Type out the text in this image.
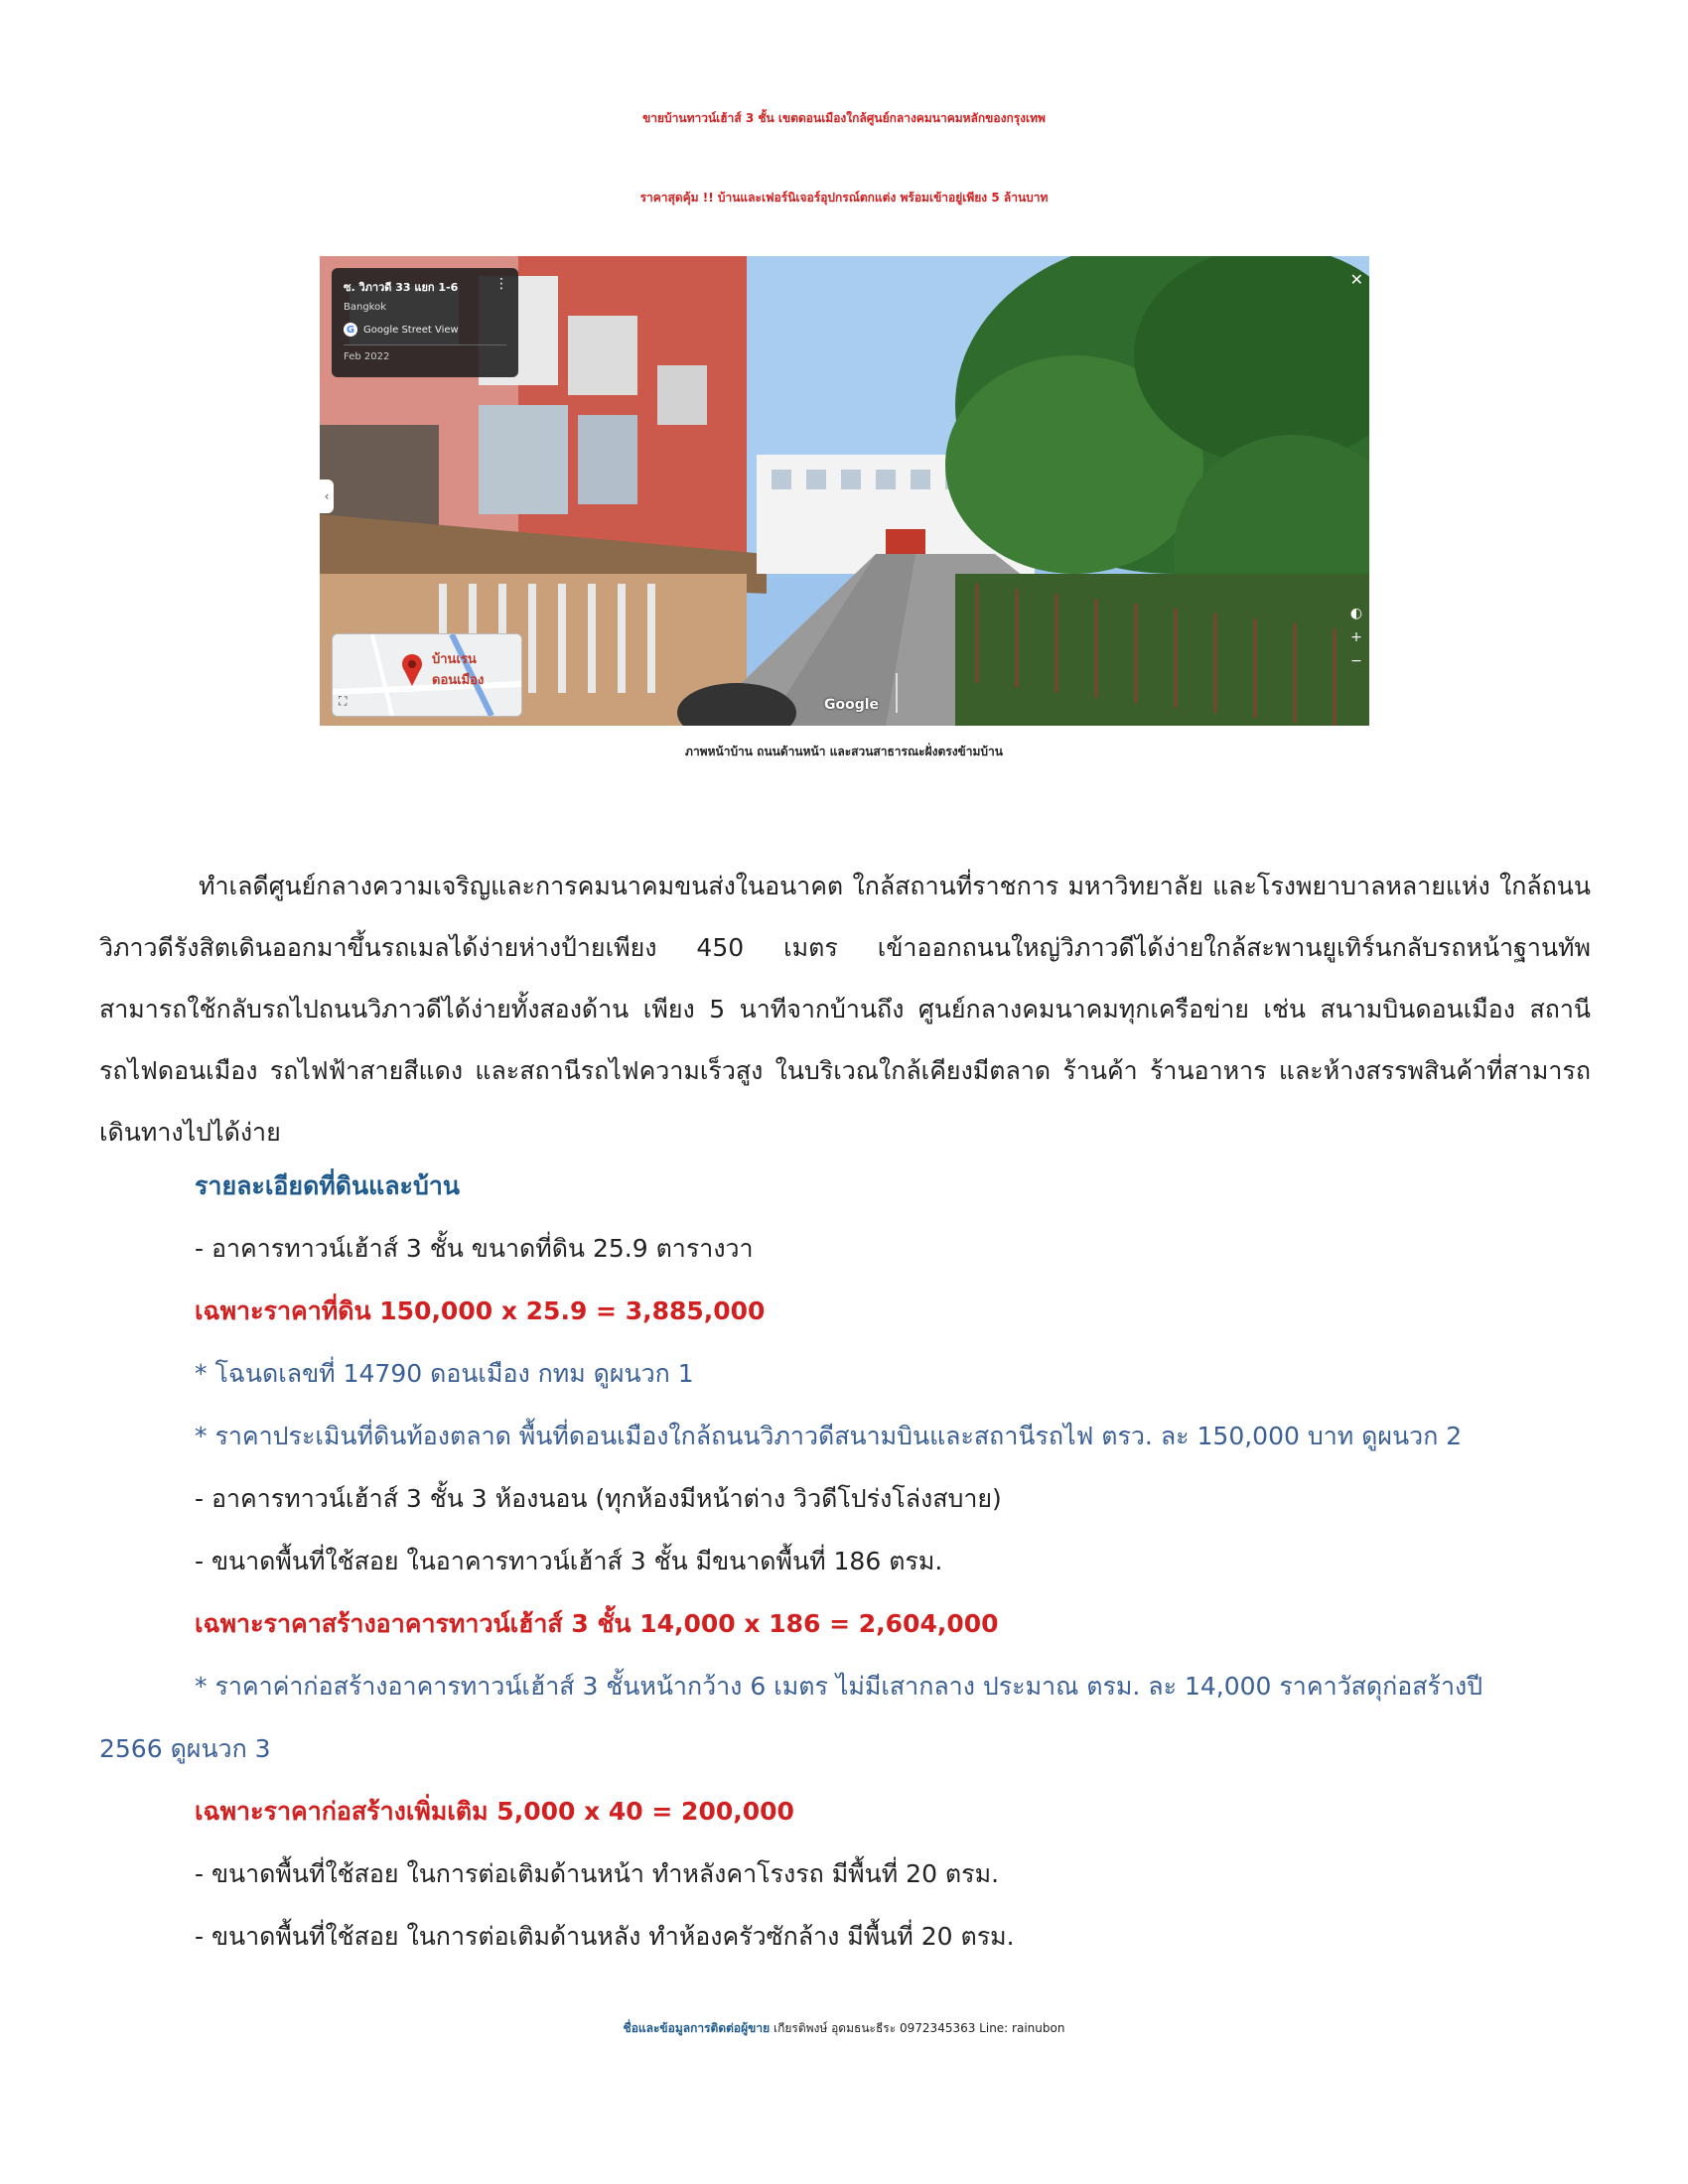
ขายบ้านทาวน์เฮ้าส์ 3 ชั้น เขตดอนเมืองใกล้ศูนย์กลางคมนาคมหลักของกรุงเทพ
ราคาสุดคุ้ม !! บ้านและเฟอร์นิเจอร์อุปกรณ์ตกแต่ง พร้อมเข้าอยู่เพียง 5 ล้านบาท
ซ. วิภาวดี 33 แยก 1-6	⋮
Bangkok
G Google Street View
Feb 2022
✕
‹
บ้านเรน ดอนเมือง
⛶
◐
+
−
Google
ภาพหน้าบ้าน ถนนด้านหน้า และสวนสาธารณะฝั่งตรงข้ามบ้าน
ทำเลดีศูนย์กลางความเจริญและการคมนาคมขนส่งในอนาคต ใกล้สถานที่ราชการ มหาวิทยาลัย และโรงพยาบาลหลายแห่ง ใกล้ถนนวิภาวดีรังสิตเดินออกมาขึ้นรถเมลได้ง่ายห่างป้ายเพียง 450 เมตร เข้าออกถนนใหญ่วิภาวดีได้ง่ายใกล้สะพานยูเทิร์นกลับรถหน้าฐานทัพ สามารถใช้กลับรถไปถนนวิภาวดีได้ง่ายทั้งสองด้าน เพียง 5 นาทีจากบ้านถึง ศูนย์กลางคมนาคมทุกเครือข่าย เช่น สนามบินดอนเมือง สถานีรถไฟดอนเมือง รถไฟฟ้าสายสีแดง และสถานีรถไฟความเร็วสูง ในบริเวณใกล้เคียงมีตลาด ร้านค้า ร้านอาหาร และห้างสรรพสินค้าที่สามารถเดินทางไปได้ง่าย
รายละเอียดที่ดินและบ้าน
- อาคารทาวน์เฮ้าส์ 3 ชั้น ขนาดที่ดิน 25.9 ตารางวา
เฉพาะราคาที่ดิน 150,000 x 25.9 = 3,885,000
* โฉนดเลขที่ 14790 ดอนเมือง กทม ดูผนวก 1
* ราคาประเมินที่ดินท้องตลาด พื้นที่ดอนเมืองใกล้ถนนวิภาวดีสนามบินและสถานีรถไฟ ตรว. ละ 150,000 บาท ดูผนวก 2
- อาคารทาวน์เฮ้าส์ 3 ชั้น 3 ห้องนอน (ทุกห้องมีหน้าต่าง วิวดีโปร่งโล่งสบาย)
- ขนาดพื้นที่ใช้สอย ในอาคารทาวน์เฮ้าส์ 3 ชั้น มีขนาดพื้นที่ 186 ตรม.
เฉพาะราคาสร้างอาคารทาวน์เฮ้าส์ 3 ชั้น 14,000 x 186 = 2,604,000
* ราคาค่าก่อสร้างอาคารทาวน์เฮ้าส์ 3 ชั้นหน้ากว้าง 6 เมตร ไม่มีเสากลาง ประมาณ ตรม. ละ 14,000 ราคาวัสดุก่อสร้างปี
2566 ดูผนวก 3
เฉพาะราคาก่อสร้างเพิ่มเติม 5,000 x 40 = 200,000
- ขนาดพื้นที่ใช้สอย ในการต่อเติมด้านหน้า ทำหลังคาโรงรถ มีพื้นที่ 20 ตรม.
- ขนาดพื้นที่ใช้สอย ในการต่อเติมด้านหลัง ทำห้องครัวซักล้าง มีพื้นที่ 20 ตรม.
ชื่อและข้อมูลการติดต่อผู้ขาย เกียรติพงษ์ อุดมธนะธีระ 0972345363 Line: rainubon
